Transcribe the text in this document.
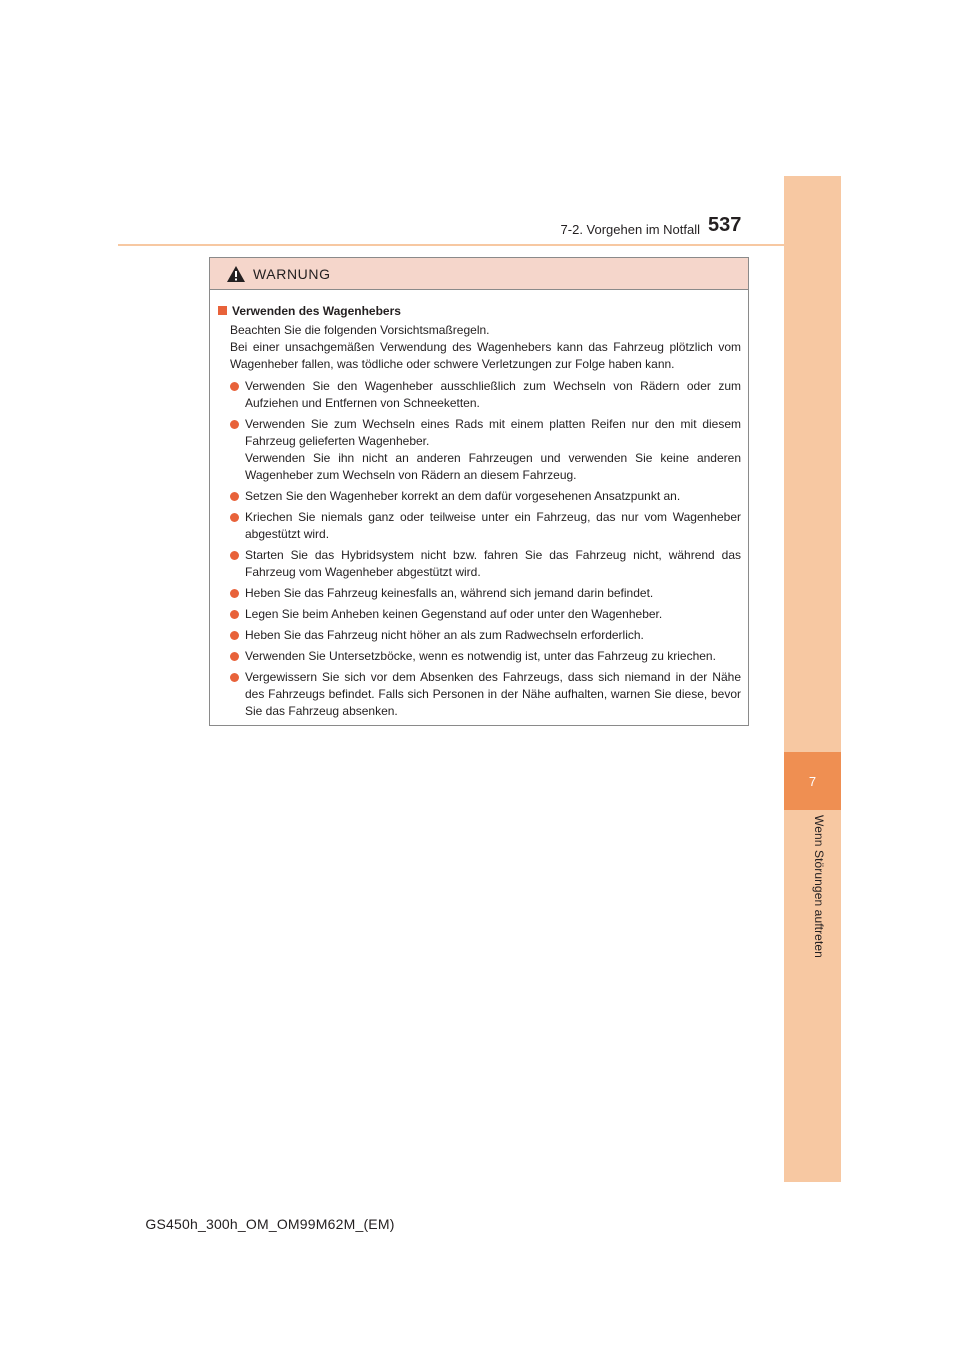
7
Wenn Störungen auftreten
7-2. Vorgehen im Notfall 537
WARNUNG
Verwenden des Wagenhebers

Beachten Sie die folgenden Vorsichtsmaßregeln.

Bei einer unsachgemäßen Verwendung des Wagenhebers kann das Fahrzeug plötzlich vom Wagenheber fallen, was tödliche oder schwere Verletzungen zur Folge haben kann.

Verwenden Sie den Wagenheber ausschließlich zum Wechseln von Rädern oder zum Aufziehen und Entfernen von Schneeketten.
Verwenden Sie zum Wechseln eines Rads mit einem platten Reifen nur den mit diesem Fahrzeug gelieferten Wagenheber.
Verwenden Sie ihn nicht an anderen Fahrzeugen und verwenden Sie keine anderen Wagenheber zum Wechseln von Rädern an diesem Fahrzeug.
Setzen Sie den Wagenheber korrekt an dem dafür vorgesehenen Ansatzpunkt an.
Kriechen Sie niemals ganz oder teilweise unter ein Fahrzeug, das nur vom Wagenheber abgestützt wird.
Starten Sie das Hybridsystem nicht bzw. fahren Sie das Fahrzeug nicht, während das Fahrzeug vom Wagenheber abgestützt wird.
Heben Sie das Fahrzeug keinesfalls an, während sich jemand darin befindet.
Legen Sie beim Anheben keinen Gegenstand auf oder unter den Wagenheber.
Heben Sie das Fahrzeug nicht höher an als zum Radwechseln erforderlich.
Verwenden Sie Untersetzböcke, wenn es notwendig ist, unter das Fahrzeug zu kriechen.
Vergewissern Sie sich vor dem Absenken des Fahrzeugs, dass sich niemand in der Nähe des Fahrzeugs befindet. Falls sich Personen in der Nähe aufhalten, warnen Sie diese, bevor Sie das Fahrzeug absenken.
GS450h_300h_OM_OM99M62M_(EM)
